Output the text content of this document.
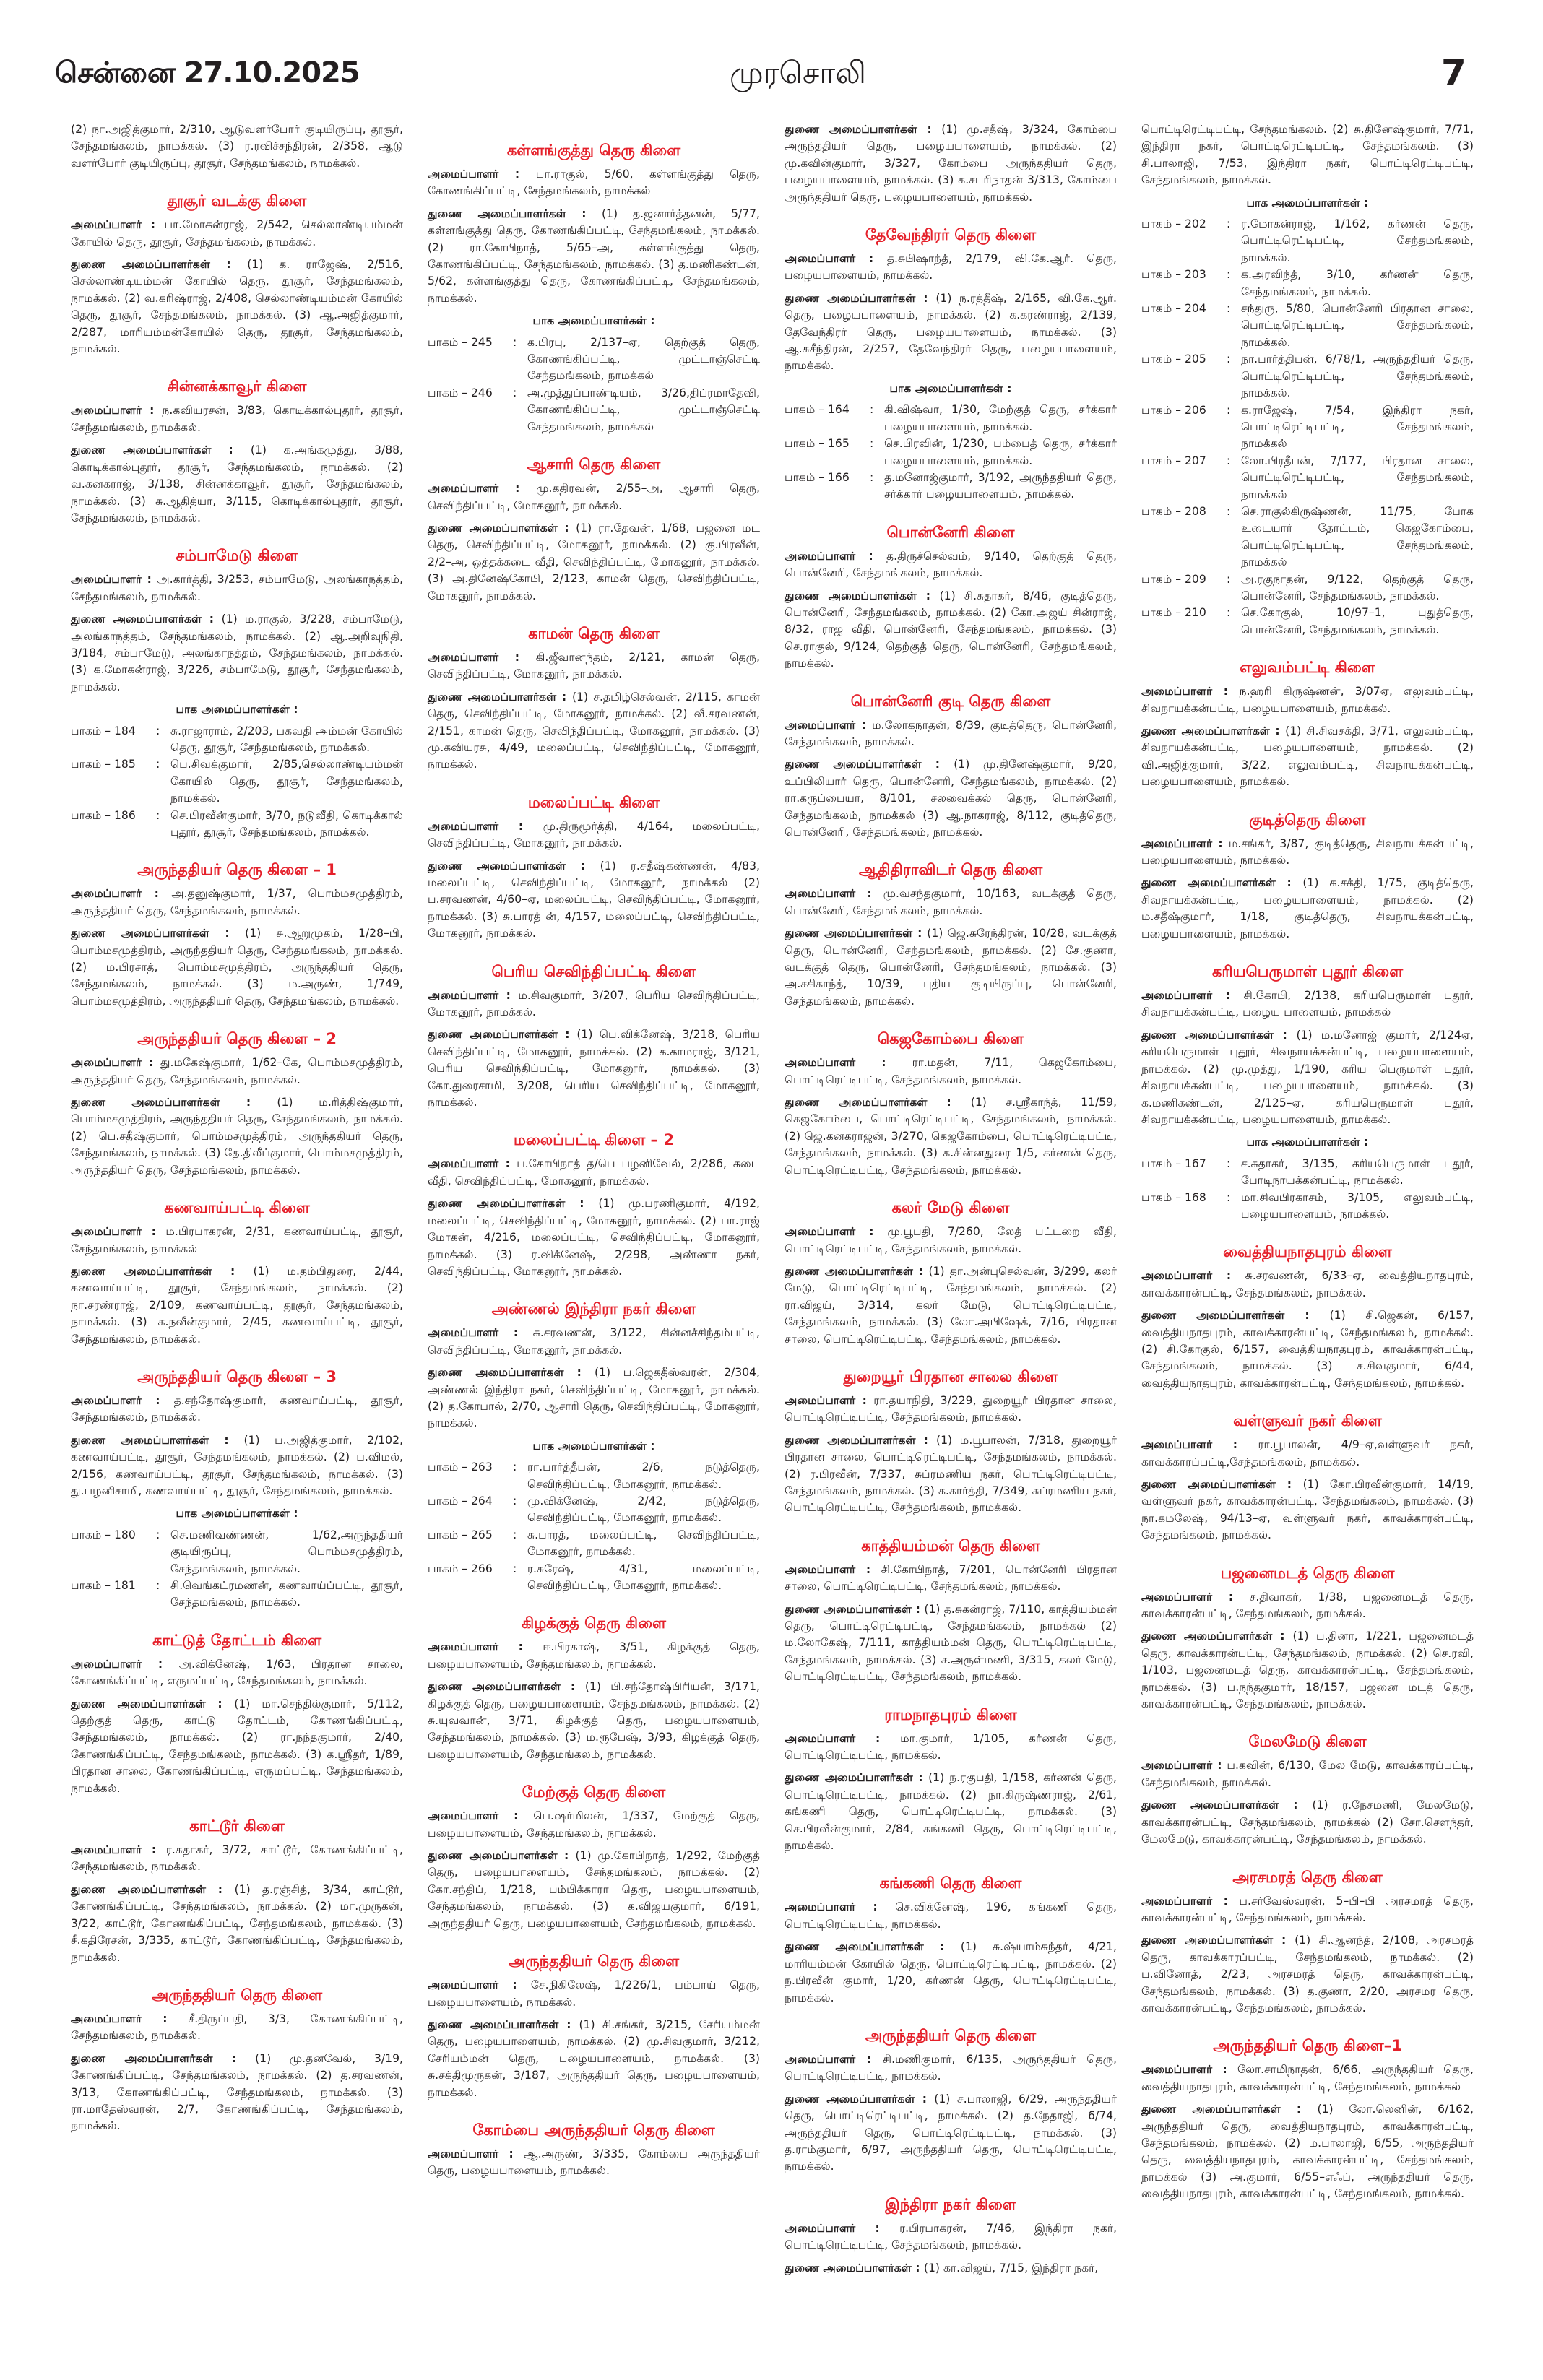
சென்னை 27.10.2025	முரசொலி	7

(2) நா.அஜித்குமார், 2/310, ஆடுவளர்போர் குடியிருப்பு, தூசூர், சேந்தமங்கலம், நாமக்கல். (3) ர.ரவிச்சந்திரன், 2/358, ஆடு வளர்போர் குடியிருப்பு, தூசூர், சேந்தமங்கலம், நாமக்கல்.

தூசூர் வடக்கு கிளை

அமைப்பாளர் : பா.மோகன்ராஜ், 2/542, செல்லாண்டியம்மன் கோயில் தெரு, தூசூர், சேந்தமங்கலம், நாமக்கல்.

துணை அமைப்பாளர்கள் : (1) க. ராஜேஷ், 2/516, செல்லாண்டியம்மன் கோயில் தெரு, தூசூர், சேந்தமங்கலம், நாமக்கல். (2) வ.கரிஷ்ராஜ், 2/408, செல்லாண்டியம்மன் கோயில் தெரு, தூசூர், சேந்தமங்கலம், நாமக்கல். (3) ஆ.அஜித்குமார், 2/287, மாரியம்மன்கோயில் தெரு, தூசூர், சேந்தமங்கலம், நாமக்கல்.

சின்னக்காவூர் கிளை

அமைப்பாளர் : ந.கவியரசன், 3/83, கொடிக்கால்புதூர், தூசூர், சேந்தமங்கலம், நாமக்கல்.

துணை அமைப்பாளர்கள் : (1) க.அங்கமுத்து, 3/88, கொடிக்கால்புதூர், தூசூர், சேந்தமங்கலம், நாமக்கல். (2) வ.கனகராஜ், 3/138, சின்னக்காவூர், தூசூர், சேந்தமங்கலம், நாமக்கல். (3) சு.ஆதித்யா, 3/115, கொடிக்கால்புதூர், தூசூர், சேந்தமங்கலம், நாமக்கல்.

சம்பாமேடு கிளை

அமைப்பாளர் : அ.கார்த்தி, 3/253, சம்பாமேடு, அலங்காநத்தம், சேந்தமங்கலம், நாமக்கல்.

துணை அமைப்பாளர்கள் : (1) ம.ராகுல், 3/228, சம்பாமேடு, அலங்காநத்தம், சேந்தமங்கலம், நாமக்கல். (2) ஆ.அறிவுநிதி, 3/184, சம்பாமேடு, அலங்காநத்தம், சேந்தமங்கலம், நாமக்கல். (3) க.மோகன்ராஜ், 3/226, சம்பாமேடு, தூசூர், சேந்தமங்கலம், நாமக்கல்.

பாக அமைப்பாளர்கள் :
பாகம் – 184	: சு.ராஜாராம், 2/203, பகவதி அம்மன் கோயில் தெரு, தூசூர், சேந்தமங்கலம், நாமக்கல்.
பாகம் – 185	: பெ.சிவக்குமார், 2/85,செல்லாண்டியம்மன் கோயில் தெரு, தூசூர், சேந்தமங்கலம், நாமக்கல்.
பாகம் – 186	: செ.பிரவீன்குமார், 3/70, நடுவீதி, கொடிக்கால் புதூர், தூசூர், சேந்தமங்கலம், நாமக்கல்.
அருந்ததியர் தெரு கிளை – 1

அமைப்பாளர் : அ.தனுஷ்குமார், 1/37, பொம்மசமுத்திரம், அருந்ததியர் தெரு, சேந்தமங்கலம், நாமக்கல்.

துணை அமைப்பாளர்கள் : (1) சு.ஆறுமுகம், 1/28–பி, பொம்மசமுத்திரம், அருந்ததியர் தெரு, சேந்தமங்கலம், நாமக்கல். (2) ம.பிரசாத், பொம்மசமுத்திரம், அருந்ததியர் தெரு, சேந்தமங்கலம், நாமக்கல். (3) ம.அருண், 1/749, பொம்மசமுத்திரம், அருந்ததியர் தெரு, சேந்தமங்கலம், நாமக்கல்.

அருந்ததியர் தெரு கிளை – 2

அமைப்பாளர் : து.மகேஷ்குமார், 1/62–கே, பொம்மசமுத்திரம், அருந்ததியர் தெரு, சேந்தமங்கலம், நாமக்கல்.

துணை அமைப்பாளர்கள் : (1) ம.ரித்திஷ்குமார், பொம்மசமுத்திரம், அருந்ததியர் தெரு, சேந்தமங்கலம், நாமக்கல். (2) பெ.சதீஷ்குமார், பொம்மசமுத்திரம், அருந்ததியர் தெரு, சேந்தமங்கலம், நாமக்கல். (3) தே.திலீப்குமார், பொம்மசமுத்திரம், அருந்ததியர் தெரு, சேந்தமங்கலம், நாமக்கல்.

கணவாய்பட்டி கிளை

அமைப்பாளர் : ம.பிரபாகரன், 2/31, கணவாய்பட்டி, தூசூர், சேந்தமங்கலம், நாமக்கல்

துணை அமைப்பாளர்கள் : (1) ம.தம்பிதுரை, 2/44, கணவாய்பட்டி, தூசூர், சேந்தமங்கலம், நாமக்கல். (2) நா.சரண்ராஜ், 2/109, கணவாய்பட்டி, தூசூர், சேந்தமங்கலம், நாமக்கல். (3) க.நவீன்குமார், 2/45, கணவாய்பட்டி, தூசூர், சேந்தமங்கலம், நாமக்கல்.

அருந்ததியர் தெரு கிளை – 3

அமைப்பாளர் : த.சந்தோஷ்குமார், கணவாய்பட்டி, தூசூர், சேந்தமங்கலம், நாமக்கல்.

துணை அமைப்பாளர்கள் : (1) ப.அஜித்குமார், 2/102, கணவாய்பட்டி, தூசூர், சேந்தமங்கலம், நாமக்கல். (2) ப.விமல், 2/156, கணவாய்பட்டி, தூசூர், சேந்தமங்கலம், நாமக்கல். (3) து.பழனிசாமி, கணவாய்பட்டி, தூசூர், சேந்தமங்கலம், நாமக்கல்.

பாக அமைப்பாளர்கள் :
பாகம் – 180	: செ.மணிவண்ணன், 1/62,அருந்ததியர் குடியிருப்பு, பொம்மசமுத்திரம், சேந்தமங்கலம், நாமக்கல்.
பாகம் – 181	: சி.வெங்கட்ரமணன், கணவாய்ப்பட்டி, தூசூர், சேந்தமங்கலம், நாமக்கல்.
காட்டுத் தோட்டம் கிளை

அமைப்பாளர் : அ.விக்னேஷ், 1/63, பிரதான சாலை, கோணங்கிப்பட்டி, எருமப்பட்டி, சேந்தமங்கலம், நாமக்கல்.

துணை அமைப்பாளர்கள் : (1) மா.செந்தில்குமார், 5/112, தெற்குத் தெரு, காட்டு தோட்டம், கோணங்கிப்பட்டி, சேந்தமங்கலம், நாமக்கல். (2) ரா.நந்தகுமார், 2/40, கோணங்கிப்பட்டி, சேந்தமங்கலம், நாமக்கல். (3) க.ஸ்ரீதர், 1/89, பிரதான சாலை, கோணங்கிப்பட்டி, எருமப்பட்டி, சேந்தமங்கலம், நாமக்கல்.

காட்டூர் கிளை

அமைப்பாளர் : ர.சுதாகர், 3/72, காட்டூர், கோணங்கிப்பட்டி, சேந்தமங்கலம், நாமக்கல்.

துணை அமைப்பாளர்கள் : (1) த.ரஞ்சித், 3/34, காட்டூர், கோணங்கிப்பட்டி, சேந்தமங்கலம், நாமக்கல். (2) மா.முருகன், 3/22, காட்டூர், கோணங்கிப்பட்டி, சேந்தமங்கலம், நாமக்கல். (3) சீ.கதிரேசன், 3/335, காட்டூர், கோணங்கிப்பட்டி, சேந்தமங்கலம், நாமக்கல்.

அருந்ததியர் தெரு கிளை

அமைப்பாளர் : சீ.திருப்பதி, 3/3, கோணங்கிப்பட்டி, சேந்தமங்கலம், நாமக்கல்.

துணை அமைப்பாளர்கள் : (1) மு.தனவேல், 3/19, கோணங்கிப்பட்டி, சேந்தமங்கலம், நாமக்கல். (2) த.சரவணன், 3/13, கோணங்கிப்பட்டி, சேந்தமங்கலம், நாமக்கல். (3) ரா.மாதேஸ்வரன், 2/7, கோணங்கிப்பட்டி, சேந்தமங்கலம், நாமக்கல்.

கள்ளங்குத்து தெரு கிளை

அமைப்பாளர் : பா.ராகுல், 5/60, கள்ளங்குத்து தெரு, கோணங்கிப்பட்டி, சேந்தமங்கலம், நாமக்கல்

துணை அமைப்பாளர்கள் : (1) த.ஜனார்த்தனன், 5/77, கள்ளங்குத்து தெரு, கோணங்கிப்பட்டி, சேந்தமங்கலம், நாமக்கல். (2) ரா.கோபிநாத், 5/65–அ, கள்ளங்குத்து தெரு, கோணங்கிப்பட்டி, சேந்தமங்கலம், நாமக்கல். (3) த.மணிகண்டன், 5/62, கள்ளங்குத்து தெரு, கோணங்கிப்பட்டி, சேந்தமங்கலம், நாமக்கல்.

பாக அமைப்பாளர்கள் :
பாகம் – 245	: க.பிரபு, 2/137–ஏ, தெற்குத் தெரு, கோணங்கிப்பட்டி, முட்டாஞ்செட்டி சேந்தமங்கலம், நாமக்கல்
பாகம் – 246	: அ.முத்துப்பாண்டியம், 3/26,திப்ரமாதேவி, கோணங்கிப்பட்டி, முட்டாஞ்செட்டி சேந்தமங்கலம், நாமக்கல்
ஆசாரி தெரு கிளை

அமைப்பாளர் : மு.கதிரவன், 2/55–அ, ஆசாரி தெரு, செவிந்திப்பட்டி, மோகனூர், நாமக்கல்.

துணை அமைப்பாளர்கள் : (1) ரா.தேவன், 1/68, பஜனை மட தெரு, செவிந்திப்பட்டி, மோகனூர், நாமக்கல். (2) கு.பிரவீன், 2/2–அ, ஒத்தக்கடை வீதி, செவிந்திப்பட்டி, மோகனூர், நாமக்கல். (3) அ.தினேஷ்கோபி, 2/123, காமன் தெரு, செவிந்திப்பட்டி, மோகனூர், நாமக்கல்.

காமன் தெரு கிளை

அமைப்பாளர் : கி.ஜீவானந்தம், 2/121, காமன் தெரு, செவிந்திப்பட்டி, மோகனூர், நாமக்கல்.

துணை அமைப்பாளர்கள் : (1) ச.தமிழ்செல்வன், 2/115, காமன் தெரு, செவிந்திப்பட்டி, மோகனூர், நாமக்கல். (2) வீ.சரவணன், 2/151, காமன் தெரு, செவிந்திப்பட்டி, மோகனூர், நாமக்கல். (3) மு.கவியரசு, 4/49, மலைப்பட்டி, செவிந்திப்பட்டி, மோகனூர், நாமக்கல்.

மலைப்பட்டி கிளை

அமைப்பாளர் : மு.திருமூர்த்தி, 4/164, மலைப்பட்டி, செவிந்திப்பட்டி, மோகனூர், நாமக்கல்.

துணை அமைப்பாளர்கள் : (1) ர.சதீஷ்கண்ணன், 4/83, மலைப்பட்டி, செவிந்திப்பட்டி, மோகனூர், நாமக்கல் (2) ப.சரவணன், 4/60–ஏ, மலைப்பட்டி, செவிந்திப்பட்டி, மோகனூர், நாமக்கல். (3) சு.பாரத் ன், 4/157, மலைப்பட்டி, செவிந்திப்பட்டி, மோகனூர், நாமக்கல்.

பெரிய செவிந்திப்பட்டி கிளை

அமைப்பாளர் : ம.சிவகுமார், 3/207, பெரிய செவிந்திப்பட்டி, மோகனூர், நாமக்கல்.

துணை அமைப்பாளர்கள் : (1) பெ.விக்னேஷ், 3/218, பெரிய செவிந்திப்பட்டி, மோகனூர், நாமக்கல். (2) க.காமராஜ், 3/121, பெரிய செவிந்திப்பட்டி, மோகனூர், நாமக்கல். (3) கோ.துரைசாமி, 3/208, பெரிய செவிந்திப்பட்டி, மோகனூர், நாமக்கல்.

மலைப்பட்டி கிளை – 2

அமைப்பாளர் : ப.கோபிநாத் த/பெ பழனிவேல், 2/286, கடை வீதி, செவிந்திப்பட்டி, மோகனூர், நாமக்கல்.

துணை அமைப்பாளர்கள் : (1) மு.பரணிகுமார், 4/192, மலைப்பட்டி, செவிந்திப்பட்டி, மோகனூர், நாமக்கல். (2) பா.ராஜ் மோகன், 4/216, மலைப்பட்டி, செவிந்திப்பட்டி, மோகனூர், நாமக்கல். (3) ர.விக்னேஷ், 2/298, அண்ணா நகர், செவிந்திப்பட்டி, மோகனூர், நாமக்கல்.

அண்ணல் இந்திரா நகர் கிளை

அமைப்பாளர் : சு.சரவணன், 3/122, சின்னச்சிந்தம்பட்டி, செவிந்திப்பட்டி, மோகனூர், நாமக்கல்.

துணை அமைப்பாளர்கள் : (1) ப.ஜெகதீஸ்வரன், 2/304, அண்ணல் இந்திரா நகர், செவிந்திப்பட்டி, மோகனூர், நாமக்கல். (2) த.கோபால், 2/70, ஆசாரி தெரு, செவிந்திப்பட்டி, மோகனூர், நாமக்கல்.

பாக அமைப்பாளர்கள் :
பாகம் – 263	: ரா.பார்த்தீபன், 2/6, நடுத்தெரு, செவிந்திப்பட்டி, மோகனூர், நாமக்கல்.
பாகம் – 264	: மு.விக்னேஷ், 2/42, நடுத்தெரு, செவிந்திப்பட்டி, மோகனூர், நாமக்கல்.
பாகம் – 265	: சு.பாரத், மலைப்பட்டி, செவிந்திப்பட்டி, மோகனூர், நாமக்கல்.
பாகம் – 266	: ர.சுரேஷ், 4/31, மலைப்பட்டி, செவிந்திப்பட்டி, மோகனூர், நாமக்கல்.
கிழக்குத் தெரு கிளை

அமைப்பாளர் : ஈ.பிரகாஷ், 3/51, கிழக்குத் தெரு, பழையபாளையம், சேந்தமங்கலம், நாமக்கல்.

துணை அமைப்பாளர்கள் : (1) பி.சந்தோஷ்பிரியன், 3/171, கிழக்குத் தெரு, பழையபாளையம், சேந்தமங்கலம், நாமக்கல். (2) சு.யுவவான், 3/71, கிழக்குத் தெரு, பழையபாளையம், சேந்தமங்கலம், நாமக்கல். (3) ம.ரூபேஷ், 3/93, கிழக்குத் தெரு, பழையபாளையம், சேந்தமங்கலம், நாமக்கல்.

மேற்குத் தெரு கிளை

அமைப்பாளர் : பெ.ஷர்மிலன், 1/337, மேற்குத் தெரு, பழையபாளையம், சேந்தமங்கலம், நாமக்கல்.

துணை அமைப்பாளர்கள் : (1) மு.கோபிநாத், 1/292, மேற்குத் தெரு, பழையபாளையம், சேந்தமங்கலம், நாமக்கல். (2) கோ.சந்திப், 1/218, பம்பிக்காரா தெரு, பழையபாளையம், சேந்தமங்கலம், நாமக்கல். (3) க.விஜயகுமார், 6/191, அருந்ததியர் தெரு, பழையபாளையம், சேந்தமங்கலம், நாமக்கல்.

அருந்ததியர் தெரு கிளை

அமைப்பாளர் : சே.நிகிலேஷ், 1/226/1, பம்பாய் தெரு, பழையபாளையம், நாமக்கல்.

துணை அமைப்பாளர்கள் : (1) சி.சங்கர், 3/215, சேரியம்மன் தெரு, பழையபாளையம், நாமக்கல். (2) மு.சிவகுமார், 3/212, சேரியம்மன் தெரு, பழையபாளையம், நாமக்கல். (3) சு.சக்திமுருகன், 3/187, அருந்ததியர் தெரு, பழையபாளையம், நாமக்கல்.

கோம்பை அருந்ததியர் தெரு கிளை

அமைப்பாளர் : ஆ.அருண், 3/335, கோம்பை அருந்ததியர் தெரு, பழையபாளையம், நாமக்கல்.

துணை அமைப்பாளர்கள் : (1) மு.சதீஷ், 3/324, கோம்பை அருந்ததியர் தெரு, பழையபாளையம், நாமக்கல். (2) மு.கவின்குமார், 3/327, கோம்பை அருந்ததியர் தெரு, பழையபாளையம், நாமக்கல். (3) க.சபரிநாதன் 3/313, கோம்பை அருந்ததியர் தெரு, பழையபாளையம், நாமக்கல்.

தேவேந்திரர் தெரு கிளை

அமைப்பாளர் : த.சுபிஷாந்த், 2/179, வி.கே.ஆர். தெரு, பழையபாளையம், நாமக்கல்.

துணை அமைப்பாளர்கள் : (1) ந.ரத்தீஷ், 2/165, வி.கே.ஆர். தெரு, பழையபாளையம், நாமக்கல். (2) க.கரண்ராஜ், 2/139, தேவேந்திரர் தெரு, பழையபாளையம், நாமக்கல். (3) ஆ.சுசீந்திரன், 2/257, தேவேந்திரர் தெரு, பழையபாளையம், நாமக்கல்.

பாக அமைப்பாளர்கள் :
பாகம் – 164	: கி.விஷ்வா, 1/30, மேற்குத் தெரு, சர்க்கார் பழையபாளையம், நாமக்கல்.
பாகம் – 165	: செ.பிரவின், 1/230, பம்பைத் தெரு, சர்க்கார் பழையபாளையம், நாமக்கல்.
பாகம் – 166	: த.மனோஜ்குமார், 3/192, அருந்ததியர் தெரு, சர்க்கார் பழையபாளையம், நாமக்கல்.
பொன்னேரி கிளை

அமைப்பாளர் : த.திருச்செல்வம், 9/140, தெற்குத் தெரு, பொன்னேரி, சேந்தமங்கலம், நாமக்கல்.

துணை அமைப்பாளர்கள் : (1) சி.சுதாகர், 8/46, குடித்தெரு, பொன்னேரி, சேந்தமங்கலம், நாமக்கல். (2) கோ.அஜய் சின்ராஜ், 8/32, ராஜ வீதி, பொன்னேரி, சேந்தமங்கலம், நாமக்கல். (3) செ.ராகுல், 9/124, தெற்குத் தெரு, பொன்னேரி, சேந்தமங்கலம், நாமக்கல்.

பொன்னேரி குடி தெரு கிளை

அமைப்பாளர் : ம.லோகநாதன், 8/39, குடித்தெரு, பொன்னேரி, சேந்தமங்கலம், நாமக்கல்.

துணை அமைப்பாளர்கள் : (1) மு.தினேஷ்குமார், 9/20, உப்பிலியார் தெரு, பொன்னேரி, சேந்தமங்கலம், நாமக்கல். (2) ரா.கருப்பையா, 8/101, சலவைக்கல் தெரு, பொன்னேரி, சேந்தமங்கலம், நாமக்கல் (3) ஆ.நாகராஜ், 8/112, குடித்தெரு, பொன்னேரி, சேந்தமங்கலம், நாமக்கல்.

ஆதிதிராவிடர் தெரு கிளை

அமைப்பாளர் : மு.வசந்தகுமார், 10/163, வடக்குத் தெரு, பொன்னேரி, சேந்தமங்கலம், நாமக்கல்.

துணை அமைப்பாளர்கள் : (1) ஜெ.சுரேந்திரன், 10/28, வடக்குத் தெரு, பொன்னேரி, சேந்தமங்கலம், நாமக்கல். (2) சே.குணா, வடக்குத் தெரு, பொன்னேரி, சேந்தமங்கலம், நாமக்கல். (3) அ.சசிகாந்த், 10/39, புதிய குடியிருப்பு, பொன்னேரி, சேந்தமங்கலம், நாமக்கல்.

கெஜகோம்பை கிளை

அமைப்பாளர் : ரா.மதன், 7/11, கெஜகோம்பை, பொட்டிரெட்டிபட்டி, சேந்தமங்கலம், நாமக்கல்.

துணை அமைப்பாளர்கள் : (1) ச.ஸ்ரீகாந்த், 11/59, கெஜகோம்பை, பொட்டிரெட்டிபட்டி, சேந்தமங்கலம், நாமக்கல். (2) ஜெ.கனகராஜன், 3/270, கெஜகோம்பை, பொட்டிரெட்டிபட்டி, சேந்தமங்கலம், நாமக்கல். (3) க.சின்னதுரை 1/5, கர்ணன் தெரு, பொட்டிரெட்டிபட்டி, சேந்தமங்கலம், நாமக்கல்.

கலர் மேடு கிளை

அமைப்பாளர் : மு.பூபதி, 7/260, லேத் பட்டறை வீதி, பொட்டிரெட்டிபட்டி, சேந்தமங்கலம், நாமக்கல்.

துணை அமைப்பாளர்கள் : (1) தா.அன்புசெல்வன், 3/299, கலர் மேடு, பொட்டிரெட்டிபட்டி, சேந்தமங்கலம், நாமக்கல். (2) ரா.விஜய், 3/314, கலர் மேடு, பொட்டிரெட்டிபட்டி, சேந்தமங்கலம், நாமக்கல். (3) லோ.அபிஷேக், 7/16, பிரதான சாலை, பொட்டிரெட்டிபட்டி, சேந்தமங்கலம், நாமக்கல்.

துறையூர் பிரதான சாலை கிளை

அமைப்பாளர் : ரா.தயாநிதி, 3/229, துறையூர் பிரதான சாலை, பொட்டிரெட்டிபட்டி, சேந்தமங்கலம், நாமக்கல்.

துணை அமைப்பாளர்கள் : (1) ம.பூபாலன், 7/318, துறையூர் பிரதான சாலை, பொட்டிரெட்டிபட்டி, சேந்தமங்கலம், நாமக்கல். (2) ர.பிரவீன், 7/337, சுப்ரமணிய நகர், பொட்டிரெட்டிபட்டி, சேந்தமங்கலம், நாமக்கல். (3) க.கார்த்தி, 7/349, சுப்ரமணிய நகர், பொட்டிரெட்டிபட்டி, சேந்தமங்கலம், நாமக்கல்.

காத்தியம்மன் தெரு கிளை

அமைப்பாளர் : சி.கோபிநாத், 7/201, பொன்னேரி பிரதான சாலை, பொட்டிரெட்டிபட்டி, சேந்தமங்கலம், நாமக்கல்.

துணை அமைப்பாளர்கள் : (1) த.சுகன்ராஜ், 7/110, காத்தியம்மன் தெரு, பொட்டிரெட்டிபட்டி, சேந்தமங்கலம், நாமக்கல் (2) ம.லோகேஷ், 7/111, காத்தியம்மன் தெரு, பொட்டிரெட்டிபட்டி, சேந்தமங்கலம், நாமக்கல். (3) ச.அருள்மணி, 3/315, கலர் மேடு, பொட்டிரெட்டிபட்டி, சேந்தமங்கலம், நாமக்கல்.

ராமநாதபுரம் கிளை

அமைப்பாளர் : மா.குமார், 1/105, கர்ணன் தெரு, பொட்டிரெட்டிபட்டி, நாமக்கல்.

துணை அமைப்பாளர்கள் : (1) ந.ரகுபதி, 1/158, கர்ணன் தெரு, பொட்டிரெட்டிபட்டி, நாமக்கல். (2) நா.கிருஷ்ணராஜ், 2/61, கங்கணி தெரு, பொட்டிரெட்டிபட்டி, நாமக்கல். (3) செ.பிரவீன்குமார், 2/84, கங்கணி தெரு, பொட்டிரெட்டிபட்டி, நாமக்கல்.

கங்கணி தெரு கிளை

அமைப்பாளர் : செ.விக்னேஷ், 196, கங்கணி தெரு, பொட்டிரெட்டிபட்டி, நாமக்கல்.

துணை அமைப்பாளர்கள் : (1) சு.ஷ்யாம்சுந்தர், 4/21, மாரியம்மன் கோயில் தெரு, பொட்டிரெட்டிபட்டி, நாமக்கல். (2) ந.பிரவீன் குமார், 1/20, கர்ணன் தெரு, பொட்டிரெட்டிபட்டி, நாமக்கல்.

அருந்ததியர் தெரு கிளை

அமைப்பாளர் : சி.மணிகுமார், 6/135, அருந்ததியர் தெரு, பொட்டிரெட்டிபட்டி, நாமக்கல்.

துணை அமைப்பாளர்கள் : (1) ச.பாலாஜி, 6/29, அருந்ததியர் தெரு, பொட்டிரெட்டிபட்டி, நாமக்கல். (2) த.நேதாஜி, 6/74, அருந்ததியர் தெரு, பொட்டிரெட்டிபட்டி, நாமக்கல். (3) த.ராம்குமார், 6/97, அருந்ததியர் தெரு, பொட்டிரெட்டிபட்டி, நாமக்கல்.

இந்திரா நகர் கிளை

அமைப்பாளர் : ர.பிரபாகரன், 7/46, இந்திரா நகர், பொட்டிரெட்டிபட்டி, சேந்தமங்கலம், நாமக்கல்.

துணை அமைப்பாளர்கள் : (1) கா.விஜய், 7/15, இந்திரா நகர்,

பொட்டிரெட்டிபட்டி, சேந்தமங்கலம். (2) சு.தினேஷ்குமார், 7/71, இந்திரா நகர், பொட்டிரெட்டிபட்டி, சேந்தமங்கலம். (3) சி.பாலாஜி, 7/53, இந்திரா நகர், பொட்டிரெட்டிபட்டி, சேந்தமங்கலம், நாமக்கல்.

பாக அமைப்பாளர்கள் :
பாகம் – 202	: ர.மோகன்ராஜ், 1/162, கர்ணன் தெரு, பொட்டிரெட்டிபட்டி, சேந்தமங்கலம், நாமக்கல்.
பாகம் – 203	: க.அரவிந்த், 3/10, கர்ணன் தெரு, சேந்தமங்கலம், நாமக்கல்.
பாகம் – 204	: சந்துரு, 5/80, பொன்னேரி பிரதான சாலை, பொட்டிரெட்டிபட்டி, சேந்தமங்கலம், நாமக்கல்.
பாகம் – 205	: நா.பார்த்திபன், 6/78/1, அருந்ததியர் தெரு, பொட்டிரெட்டிபட்டி, சேந்தமங்கலம், நாமக்கல்.
பாகம் – 206	: க.ராஜேஷ், 7/54, இந்திரா நகர், பொட்டிரெட்டிபட்டி, சேந்தமங்கலம், நாமக்கல்
பாகம் – 207	: லோ.பிரதீபன், 7/177, பிரதான சாலை, பொட்டிரெட்டிபட்டி, சேந்தமங்கலம், நாமக்கல்
பாகம் – 208	: செ.ராகுல்கிருஷ்ணன், 11/75, போக உடையார் தோட்டம், கெஜகோம்பை, பொட்டிரெட்டிபட்டி, சேந்தமங்கலம், நாமக்கல்
பாகம் – 209	: அ.ரகுநாதன், 9/122, தெற்குத் தெரு, பொன்னேரி, சேந்தமங்கலம், நாமக்கல்.
பாகம் – 210	: செ.கோகுல், 10/97–1, புதுத்தெரு, பொன்னேரி, சேந்தமங்கலம், நாமக்கல்.
எலுவம்பட்டி கிளை

அமைப்பாளர் : ந.ஹரி கிருஷ்ணன், 3/07ஏ, எலுவம்பட்டி, சிவநாயக்கன்பட்டி, பழையபாளையம், நாமக்கல்.

துணை அமைப்பாளர்கள் : (1) சி.சிவசக்தி, 3/71, எலுவம்பட்டி, சிவநாயக்கன்பட்டி, பழையபாளையம், நாமக்கல். (2) வி.அஜித்குமார், 3/22, எலுவம்பட்டி, சிவநாயக்கன்பட்டி, பழையபாளையம், நாமக்கல்.

குடித்தெரு கிளை

அமைப்பாளர் : ம.சங்கர், 3/87, குடித்தெரு, சிவநாயக்கன்பட்டி, பழையபாளையம், நாமக்கல்.

துணை அமைப்பாளர்கள் : (1) க.சக்தி, 1/75, குடித்தெரு, சிவநாயக்கன்பட்டி, பழையபாளையம், நாமக்கல். (2) ம.சதீஷ்குமார், 1/18, குடித்தெரு, சிவநாயக்கன்பட்டி, பழையபாளையம், நாமக்கல்.

கரியபெருமாள் புதூர் கிளை

அமைப்பாளர் : சி.கோபி, 2/138, கரியபெருமாள் புதூர், சிவநாயக்கன்பட்டி, பழைய பாளையம், நாமக்கல்

துணை அமைப்பாளர்கள் : (1) ம.மனோஜ் குமார், 2/124ஏ, கரியபெருமாள் புதூர், சிவநாயக்கன்பட்டி, பழையபாளையம், நாமக்கல். (2) மு.முத்து, 1/190, கரிய பெருமாள் புதூர், சிவநாயக்கன்பட்டி, பழையபாளையம், நாமக்கல். (3) க.மணிகண்டன், 2/125–ஏ, கரியபெருமாள் புதூர், சிவநாயக்கன்பட்டி, பழையபாளையம், நாமக்கல்.

பாக அமைப்பாளர்கள் :
பாகம் – 167	: ச.சுதாகர், 3/135, கரியபெருமாள் புதூர், போடிநாயக்கன்பட்டி, நாமக்கல்.
பாகம் – 168	: மா.சிவபிரகாசம், 3/105, எலுவம்பட்டி, பழையபாளையம், நாமக்கல்.
வைத்தியநாதபுரம் கிளை

அமைப்பாளர் : சு.சரவணன், 6/33–ஏ, வைத்தியநாதபுரம், காவக்காரன்பட்டி, சேந்தமங்கலம், நாமக்கல்.

துணை அமைப்பாளர்கள் : (1) சி.ஜெகன், 6/157, வைத்தியநாதபுரம், காவக்காரன்பட்டி, சேந்தமங்கலம், நாமக்கல். (2) சி.கோகுல், 6/157, வைத்தியநாதபுரம், காவக்காரன்பட்டி, சேந்தமங்கலம், நாமக்கல். (3) ச.சிவகுமார், 6/44, வைத்தியநாதபுரம், காவக்காரன்பட்டி, சேந்தமங்கலம், நாமக்கல்.

வள்ளுவர் நகர் கிளை

அமைப்பாளர் : ரா.பூபாலன், 4/9–ஏ,வள்ளுவர் நகர், காவக்காரப்பட்டி,சேந்தமங்கலம், நாமக்கல்.

துணை அமைப்பாளர்கள் : (1) கோ.பிரவீன்குமார், 14/19, வள்ளுவர் நகர், காவக்காரன்பட்டி, சேந்தமங்கலம், நாமக்கல். (3) நா.கமலேஷ், 94/13–ஏ, வள்ளுவர் நகர், காவக்காரன்பட்டி, சேந்தமங்கலம், நாமக்கல்.

பஜனைமடத் தெரு கிளை

அமைப்பாளர் : ச.திவாகர், 1/38, பஜனைமடத் தெரு, காவக்காரன்பட்டி, சேந்தமங்கலம், நாமக்கல்.

துணை அமைப்பாளர்கள் : (1) ப.தினா, 1/221, பஜனைமடத் தெரு, காவக்காரன்பட்டி, சேந்தமங்கலம், நாமக்கல். (2) செ.ரவி, 1/103, பஜனைமடத் தெரு, காவக்காரன்பட்டி, சேந்தமங்கலம், நாமக்கல். (3) ப.நந்தகுமார், 18/157, பஜனை மடத் தெரு, காவக்காரன்பட்டி, சேந்தமங்கலம், நாமக்கல்.

மேலமேடு கிளை

அமைப்பாளர் : ப.கவின், 6/130, மேல மேடு, காவக்காரப்பட்டி, சேந்தமங்கலம், நாமக்கல்.

துணை அமைப்பாளர்கள் : (1) ர.நேசமணி, மேலமேடு, காவக்காரன்பட்டி, சேந்தமங்கலம், நாமக்கல் (2) சோ.சௌந்தர், மேலமேடு, காவக்காரன்பட்டி, சேந்தமங்கலம், நாமக்கல்.

அரசமரத் தெரு கிளை

அமைப்பாளர் : ப.சர்வேஸ்வரன், 5–பி–பி அரசமரத் தெரு, காவக்காரன்பட்டி, சேந்தமங்கலம், நாமக்கல்.

துணை அமைப்பாளர்கள் : (1) சி.ஆனந்த், 2/108, அரசமரத் தெரு, காவக்காரப்பட்டி, சேந்தமங்கலம், நாமக்கல். (2) ப.வினோத், 2/23, அரசமரத் தெரு, காவக்காரன்பட்டி, சேந்தமங்கலம், நாமக்கல். (3) த.குணா, 2/20, அரசமர தெரு, காவக்காரன்பட்டி, சேந்தமங்கலம், நாமக்கல்.

அருந்ததியர் தெரு கிளை–1

அமைப்பாளர் : லோ.சாமிநாதன், 6/66, அருந்ததியர் தெரு, வைத்தியநாதபுரம், காவக்காரன்பட்டி, சேந்தமங்கலம், நாமக்கல்

துணை அமைப்பாளர்கள் : (1) லோ.லெனின், 6/162, அருந்ததியர் தெரு, வைத்தியநாதபுரம், காவக்காரன்பட்டி, சேந்தமங்கலம், நாமக்கல். (2) ம.பாலாஜி, 6/55, அருந்ததியர் தெரு, வைத்தியநாதபுரம், காவக்காரன்பட்டி, சேந்தமங்கலம், நாமக்கல் (3) அ.குமார், 6/55–எஃப், அருந்ததியர் தெரு, வைத்தியநாதபுரம், காவக்காரன்பட்டி, சேந்தமங்கலம், நாமக்கல்.
